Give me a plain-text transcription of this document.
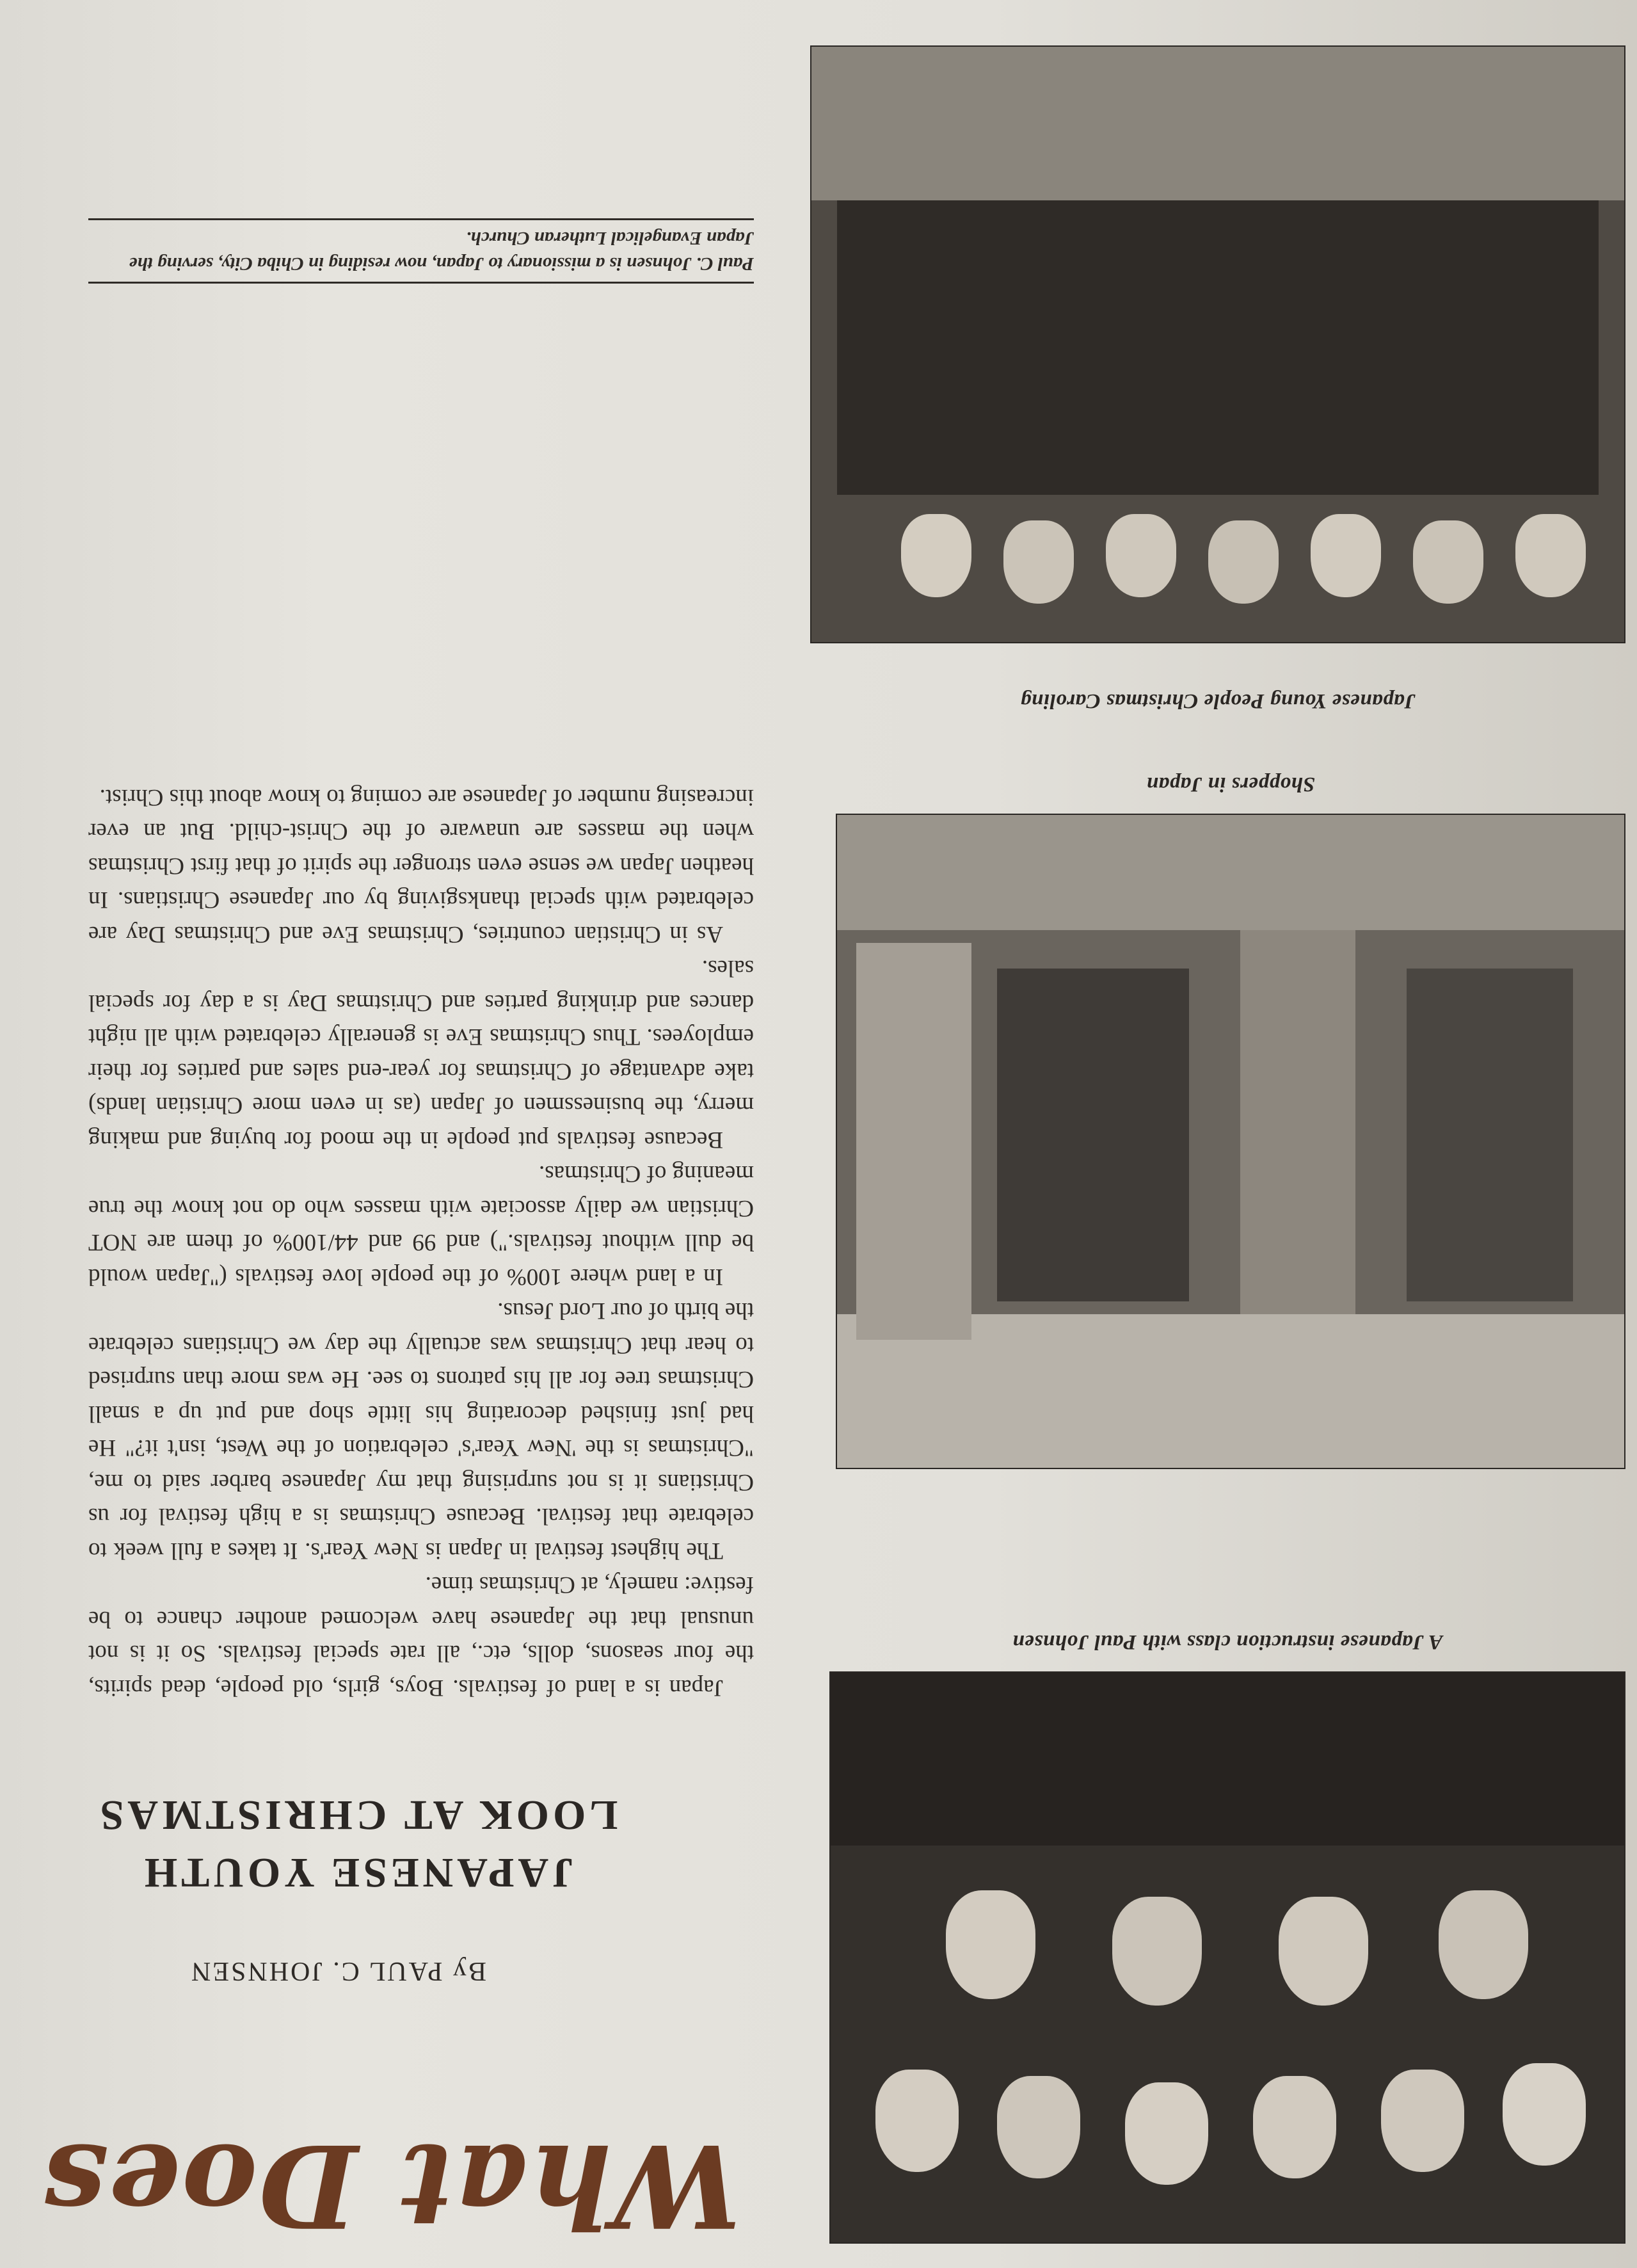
A Japanese instruction class with Paul Johnsen
Shoppers in Japan
Japanese Young People Christmas Caroling
What Does
By PAUL C. JOHNSEN
JAPANESE YOUTH
LOOK AT CHRISTMAS

Japan is a land of festivals. Boys, girls, old people, dead spirits, the four seasons, dolls, etc., all rate special festivals. So it is not unusual that the Japanese have welcomed another chance to be festive: namely, at Christmas time.

The highest festival in Japan is New Year's. It takes a full week to celebrate that festival. Because Christmas is a high festival for us Christians it is not surprising that my Japanese barber said to me, "Christmas is the 'New Year's' celebration of the West, isn't it?" He had just finished decorating his little shop and put up a small Christmas tree for all his patrons to see. He was more than surprised to hear that Christmas was actually the day we Christians celebrate the birth of our Lord Jesus.

In a land where 100% of the people love festivals ("Japan would be dull without festivals.") and 99 and 44/100% of them are NOT Christian we daily associate with masses who do not know the true meaning of Christmas.

Because festivals put people in the mood for buying and making merry, the businessmen of Japan (as in even more Christian lands) take advantage of Christmas for year-end sales and parties for their employees. Thus Christmas Eve is generally celebrated with all night dances and drinking parties and Christmas Day is a day for special sales.

As in Christian countries, Christmas Eve and Christmas Day are celebrated with special thanksgiving by our Japanese Christians. In heathen Japan we sense even stronger the spirit of that first Christmas when the masses are unaware of the Christ-child. But an ever increasing number of Japanese are coming to know about this Christ.

Paul C. Johnsen is a missionary to Japan, now residing in Chiba City, serving the Japan Evangelical Lutheran Church.
